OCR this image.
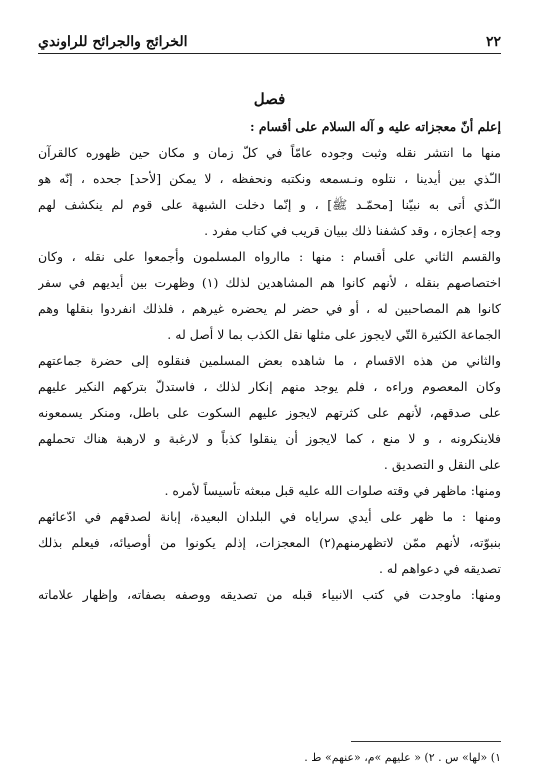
٢٢
الخرائج والجرائح للراوندي
فصل
إعلم أنّ معجزاته عليه و آله السلام على أقسام :
منها ما انتشر نقله وثبت وجوده عامّاً في كلّ زمان و مكان حين ظهوره كالقرآن
الـّذي بين أيدينا ، نتلوه ونـسمعه ونكتبه ونحفظه ، لا يمكن [لأحد] جحده ، إنّه هو
الـّذي أتى به نبيّنا [محمّـد ﷺ] ، و إنّما دخلت الشبهة على قوم لم ينكشف لهم
وجه إعجازه ، وقد كشفنا ذلك ببيان قريب في كتاب مفرد .
والقسم الثاني على أقسام : منها : ماارواه المسلمون وأجمعوا على نقله ، وكان
اختصاصهم بنقله ، لأنهم كانوا هم المشاهدين لذلك (١) وظهرت بين أيديهم في سفر
كانوا هم المصاحبين له ، أو في حضر لم يحضره غيرهم ، فلذلك انفردوا بنقلها وهم
الجماعة الكثيرة التّي لايجوز على مثلها نقل الكذب بما لا أصل له .
والثاني من هذه الاقسام ، ما شاهده بعض المسلمين فنقلوه إلى حضرة جماعتهم
وكان المعصوم وراءه ، فلم يوجد منهم إنكار لذلك ، فاستدلّ بتركهم النكير عليهم
على صدقهم، لأنهم على كثرتهم لايجوز عليهم السكوت على باطل، ومنكر يسمعونه
فلاينكرونه ، و لا منع ، كما لايجوز أن ينقلوا كذباً و لارغبة و لارهبة هناك تحملهم
على النقل و التصديق .
ومنها: ماظهر في وقته صلوات الله عليه قبل مبعثه تأسيساً لأمره .
ومنها : ما ظهر على أيدي سراياه في البلدان البعيدة، إبانة لصدقهم في ادّعائهم
بنبوّته، لأنهم ممّن لاتظهرمنهم(٢) المعجزات، إذلم يكونوا من أوصيائه، فيعلم بذلك
تصديقه في دعواهم له .
ومنها: ماوجدت في كتب الانبياء قبله من تصديقه ووصفه بصفاته، وإظهار علاماته
١) «لها» س . ٢) « عليهم »م، «عنهم» ط .
